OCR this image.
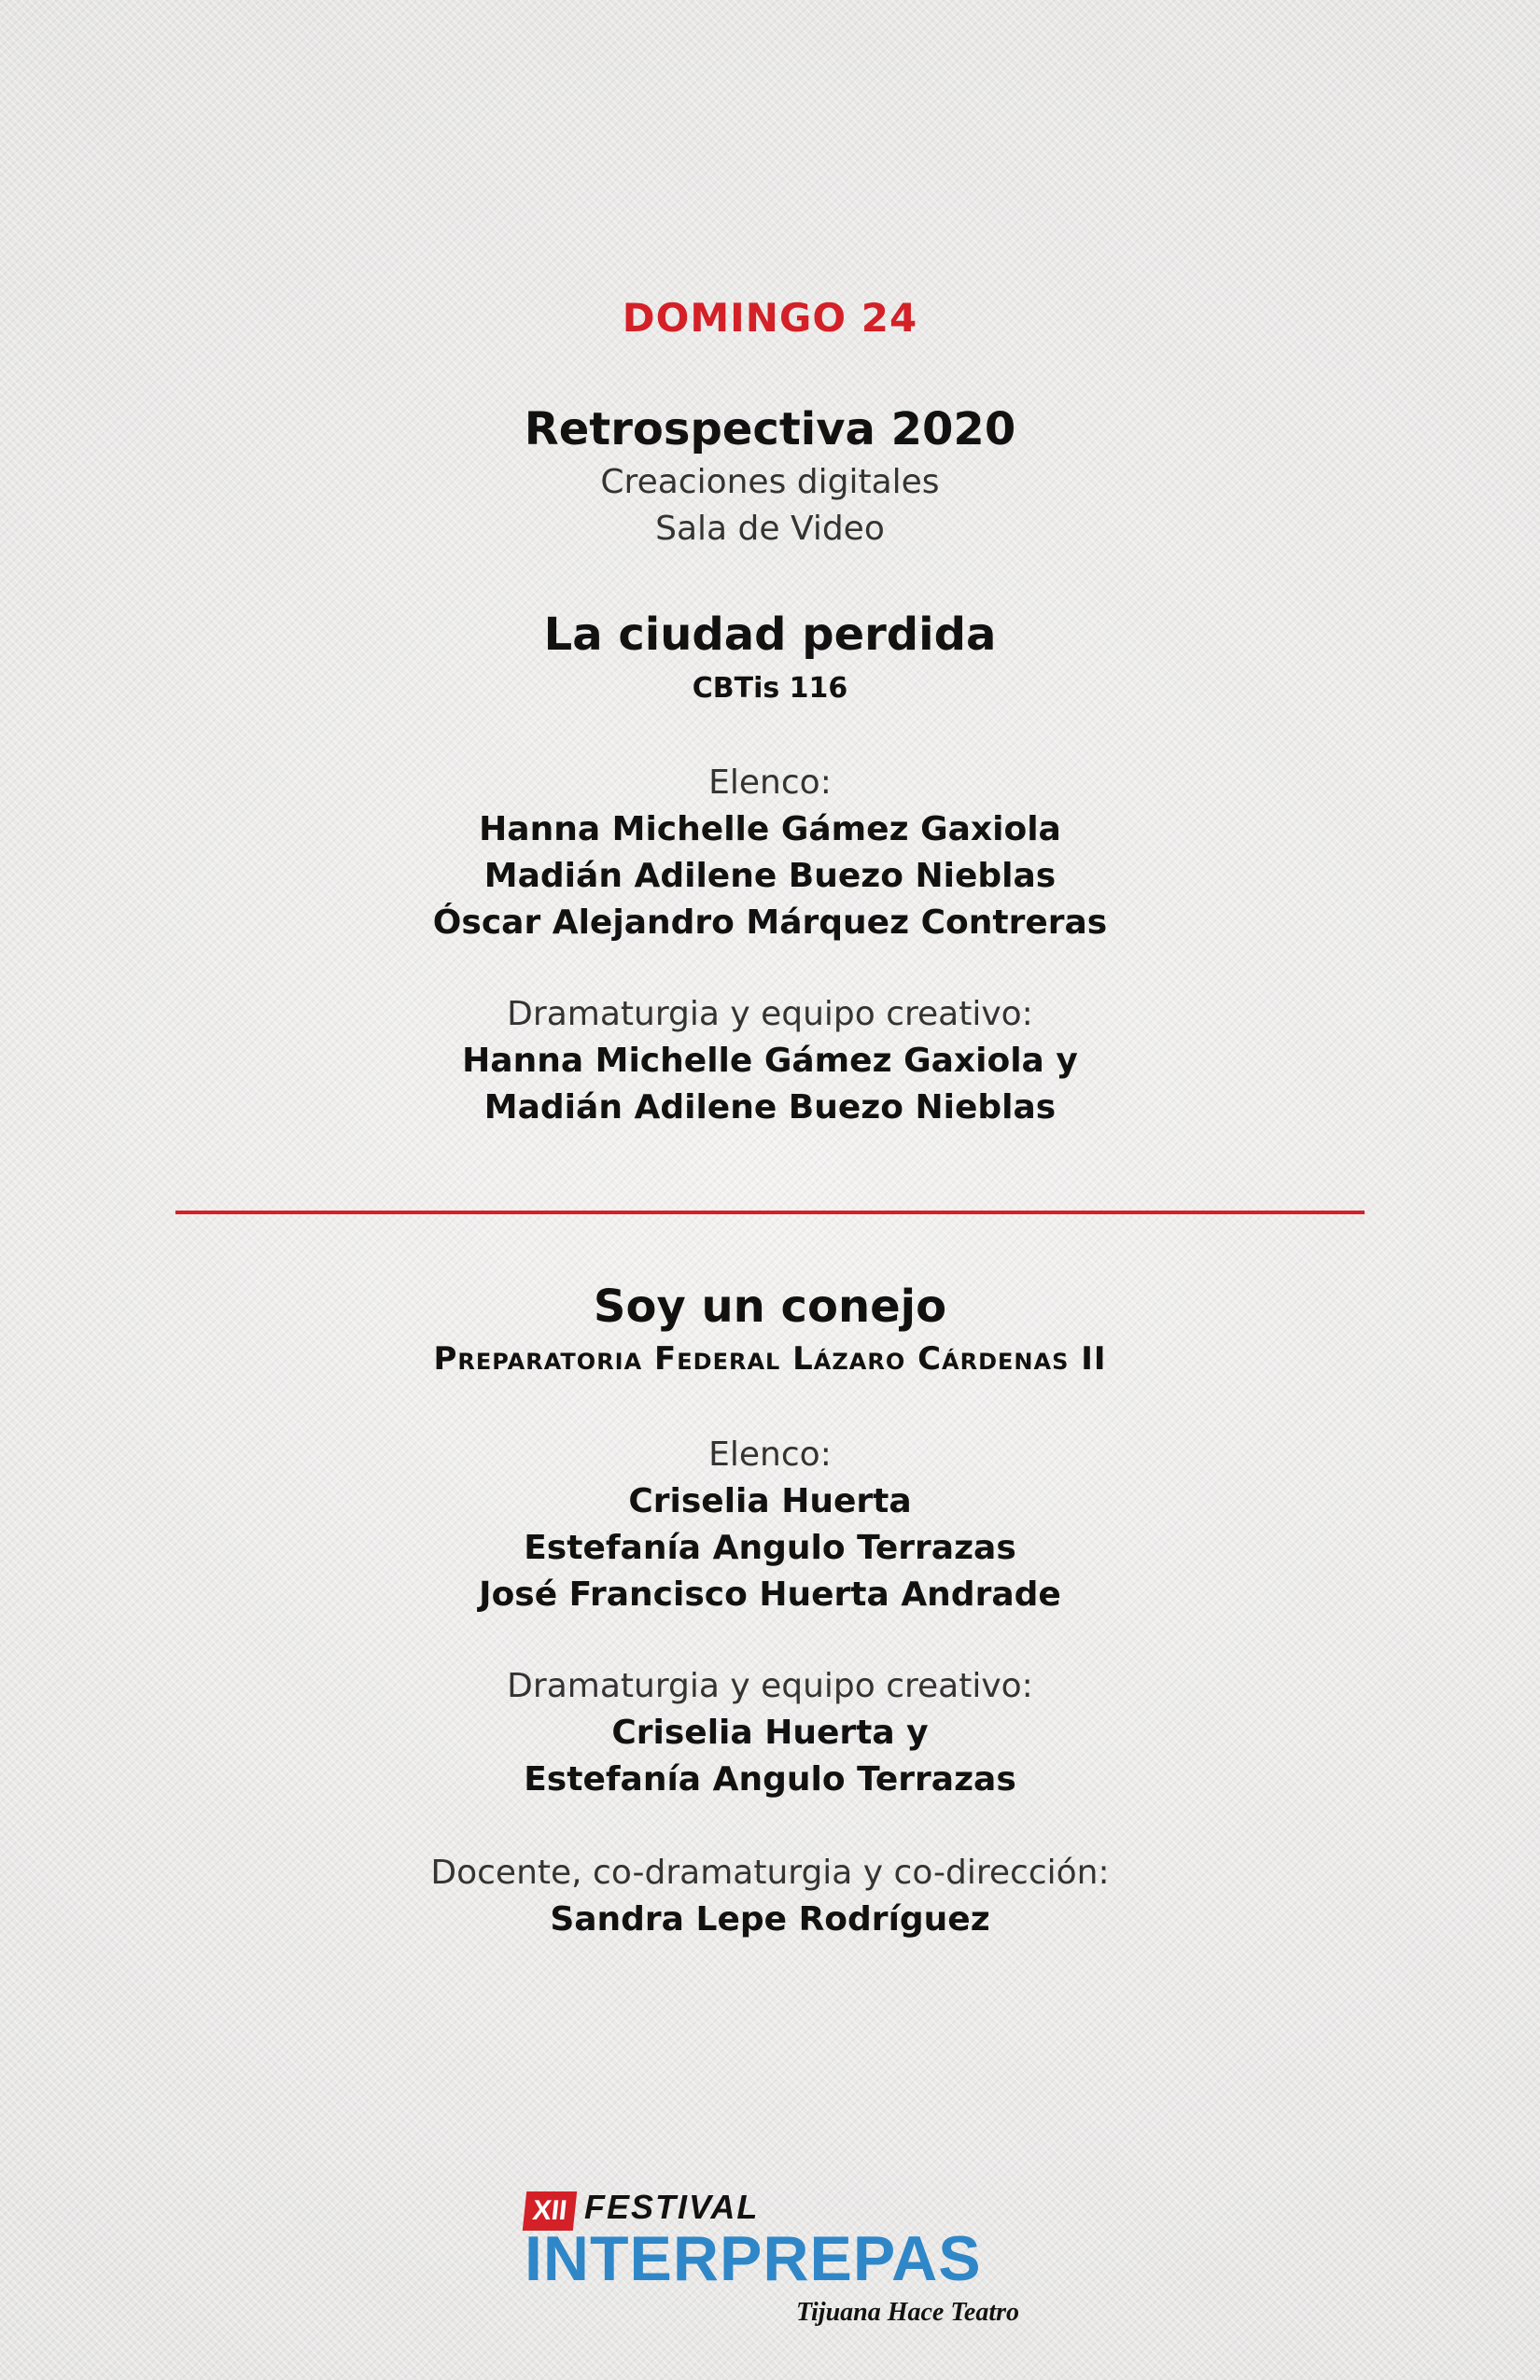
DOMINGO 24
Retrospectiva 2020
Creaciones digitales
Sala de Video
La ciudad perdida
CBTis 116
Elenco:
Hanna Michelle Gámez Gaxiola
Madián Adilene Buezo Nieblas
Óscar Alejandro Márquez Contreras
Dramaturgia y equipo creativo:
Hanna Michelle Gámez Gaxiola y
Madián Adilene Buezo Nieblas
Soy un conejo
Preparatoria Federal Lázaro Cárdenas II
Elenco:
Criselia Huerta
Estefanía Angulo Terrazas
José Francisco Huerta Andrade
Dramaturgia y equipo creativo:
Criselia Huerta y
Estefanía Angulo Terrazas
Docente, co-dramaturgia y co-dirección:
Sandra Lepe Rodríguez
XII FESTIVAL
INTERPREPAS
Tijuana Hace Teatro
